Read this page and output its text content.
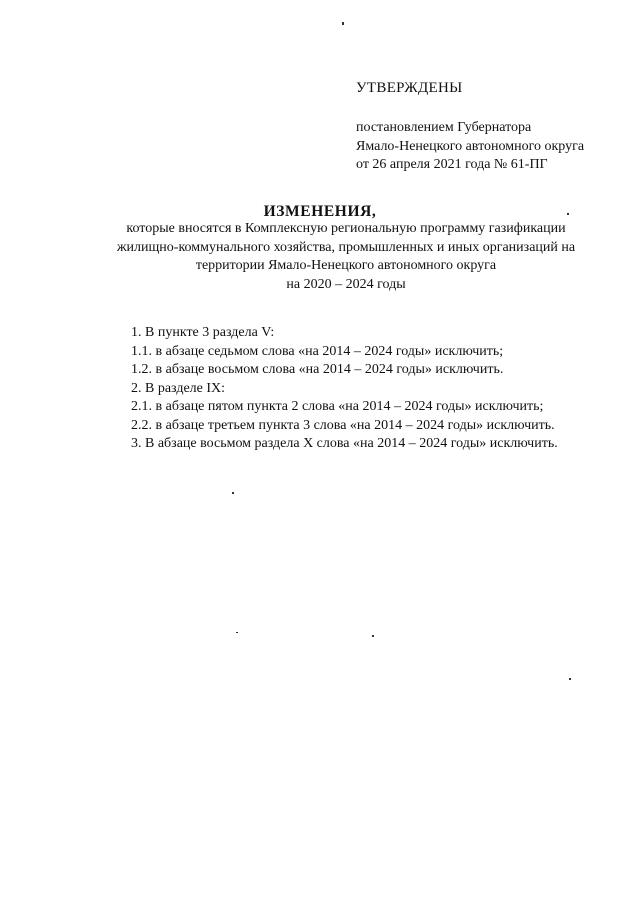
УТВЕРЖДЕНЫ
постановлением Губернатора
Ямало-Ненецкого автономного округа
от 26 апреля 2021 года № 61-ПГ
ИЗМЕНЕНИЯ,
которые вносятся в Комплексную региональную программу газификации
жилищно-коммунального хозяйства, промышленных и иных организаций на
территории Ямало-Ненецкого автономного округа
на 2020 – 2024 годы
1. В пункте 3 раздела V:
1.1. в абзаце седьмом слова «на 2014 – 2024 годы» исключить;
1.2. в абзаце восьмом слова «на 2014 – 2024 годы» исключить.
2. В разделе IX:
2.1. в абзаце пятом пункта 2 слова «на 2014 – 2024 годы» исключить;
2.2. в абзаце третьем пункта 3 слова «на 2014 – 2024 годы» исключить.
3. В абзаце восьмом раздела X слова «на 2014 – 2024 годы» исключить.
